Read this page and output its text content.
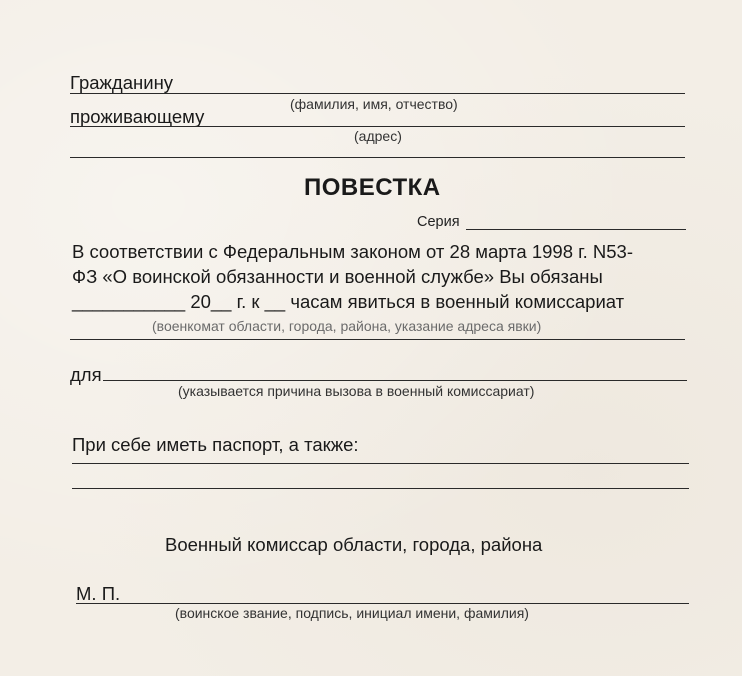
Гражданину
(фамилия, имя, отчество)
проживающему
(адрес)
ПОВЕСТКА
Серия
В соответствии с Федеральным законом от 28 марта 1998 г. N53-
ФЗ «О воинской обязанности и военной службе» Вы обязаны
___________ 20__ г. к __ часам явиться в военный комиссариат
(военкомат области, города, района, указание адреса явки)
для
(указывается причина вызова в военный комиссариат)
При себе иметь паспорт, а также:
Военный комиссар области, города, района
М. П.
(воинское звание, подпись, инициал имени, фамилия)
